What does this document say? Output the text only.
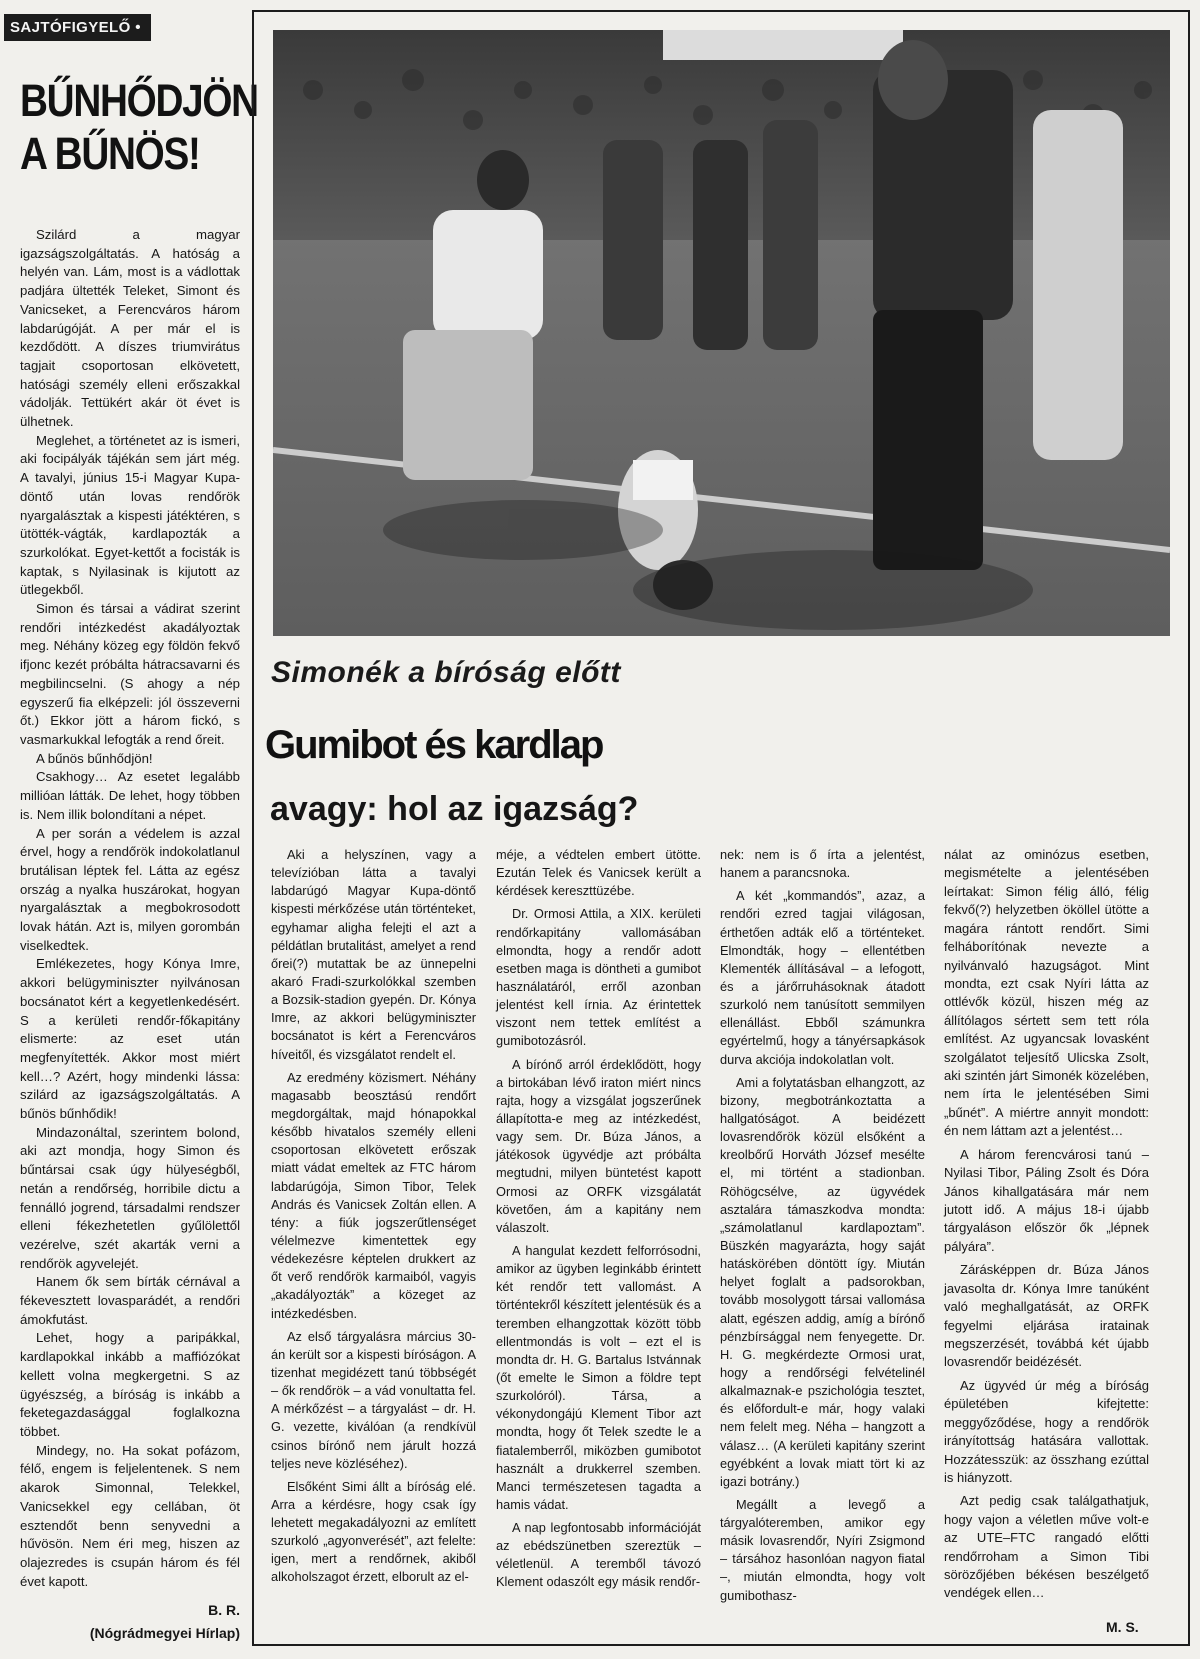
SAJTÓFIGYELŐ •
BŰNHŐDJÖN
A BŰNÖS!

Szilárd a magyar igazságszolgáltatás. A hatóság a helyén van. Lám, most is a vádlottak padjára ültették Teleket, Simont és Vanicseket, a Ferencváros három labdarúgóját. A per már el is kezdődött. A díszes triumvirátus tagjait csoportosan elkövetett, hatósági személy elleni erőszakkal vádolják. Tettükért akár öt évet is ülhetnek.

Meglehet, a történetet az is ismeri, aki focipályák tájékán sem járt még. A tavalyi, június 15-i Magyar Kupa-döntő után lovas rendőrök nyargalásztak a kispesti játéktéren, s ütötték-vágták, kardlapozták a szurkolókat. Egyet-kettőt a focisták is kaptak, s Nyilasinak is kijutott az ütlegekből.

Simon és társai a vádirat szerint rendőri intézkedést akadályoztak meg. Néhány közeg egy földön fekvő ifjonc kezét próbálta hátracsavarni és megbilincselni. (S ahogy a nép egyszerű fia elképzeli: jól összeverni őt.) Ekkor jött a három fickó, s vasmarkukkal lefogták a rend őreit.

A bűnös bűnhődjön!

Csakhogy… Az esetet legalább millióan látták. De lehet, hogy többen is. Nem illik bolondítani a népet.

A per során a védelem is azzal érvel, hogy a rendőrök indokolatlanul brutálisan léptek fel. Látta az egész ország a nyalka huszárokat, hogyan nyargalásztak a megbokrosodott lovak hátán. Azt is, milyen gorombán viselkedtek.

Emlékezetes, hogy Kónya Imre, akkori belügyminiszter nyilvánosan bocsánatot kért a kegyetlenkedésért. S a kerületi rendőr-főkapitány elismerte: az eset után megfenyítették. Akkor most miért kell…? Azért, hogy mindenki lássa: szilárd az igazságszolgáltatás. A bűnös bűnhődik!

Mindazonáltal, szerintem bolond, aki azt mondja, hogy Simon és bűntársai csak úgy hülyeségből, netán a rendőrség, horribile dictu a fennálló jogrend, társadalmi rendszer elleni fékezhetetlen gyűlölettől vezérelve, szét akarták verni a rendőrök agyvelejét.

Hanem ők sem bírták cérnával a fékevesztett lovasparádét, a rendőri ámokfutást.

Lehet, hogy a paripákkal, kardlapokkal inkább a maffiózókat kellett volna megkergetni. S az ügyészség, a bíróság is inkább a feketegazdasággal foglalkozna többet.

Mindegy, no. Ha sokat pofázom, félő, engem is feljelentenek. S nem akarok Simonnal, Telekkel, Vanicsekkel egy cellában, öt esztendőt benn senyvedni a hűvösön. Nem éri meg, hiszen az olajezredes is csupán három és fél évet kapott.

B. R.
(Nógrádmegyei Hírlap)
Simonék a bíróság előtt
Gumibot és kardlap
avagy: hol az igazság?

Aki a helyszínen, vagy a televízióban látta a tavalyi labdarúgó Magyar Kupa-döntő kispesti mérkőzése után történteket, egyhamar aligha felejti el azt a példátlan brutalitást, amelyet a rend őrei(?) mutattak be az ünnepelni akaró Fradi-szurkolókkal szemben a Bozsik-stadion gyepén. Dr. Kónya Imre, az akkori belügyminiszter bocsánatot is kért a Ferencváros híveitől, és vizsgálatot rendelt el.

Az eredmény közismert. Néhány magasabb beosztású rendőrt megdorgáltak, majd hónapokkal később hivatalos személy elleni csoportosan elkövetett erőszak miatt vádat emeltek az FTC három labdarúgója, Simon Tibor, Telek András és Vanicsek Zoltán ellen. A tény: a fiúk jogszerűtlenséget vélelmezve kimentettek egy védekezésre képtelen drukkert az őt verő rendőrök karmaiból, vagyis „akadályozták” a közeget az intézkedésben.

Az első tárgyalásra március 30-án került sor a kispesti bíróságon. A tizenhat megidézett tanú többségét – ők rendőrök – a vád vonultatta fel. A mérkőzést – a tárgyalást – dr. H. G. vezette, kiválóan (a rendkívül csinos bírónő nem járult hozzá teljes neve közléséhez).

Elsőként Simi állt a bíróság elé. Arra a kérdésre, hogy csak így lehetett megakadályozni az említett szurkoló „agyonverését”, azt felelte: igen, mert a rendőrnek, akiből alkoholszagot érzett, elborult az el-

méje, a védtelen embert ütötte. Ezután Telek és Vanicsek került a kérdések kereszttüzébe.

Dr. Ormosi Attila, a XIX. kerületi rendőrkapitány vallomásában elmondta, hogy a rendőr adott esetben maga is döntheti a gumibot használatáról, erről azonban jelentést kell írnia. Az érintettek viszont nem tettek említést a gumibotozásról.

A bírónő arról érdeklődött, hogy a birtokában lévő iraton miért nincs rajta, hogy a vizsgálat jogszerűnek állapította-e meg az intézkedést, vagy sem. Dr. Búza János, a játékosok ügyvédje azt próbálta megtudni, milyen büntetést kapott Ormosi az ORFK vizsgálatát követően, ám a kapitány nem válaszolt.

A hangulat kezdett felforrósodni, amikor az ügyben leginkább érintett két rendőr tett vallomást. A történtekről készített jelentésük és a teremben elhangzottak között több ellentmondás is volt – ezt el is mondta dr. H. G. Bartalus Istvánnak (őt emelte le Simon a földre tept szurkolóról). Társa, a vékonydongájú Klement Tibor azt mondta, hogy őt Telek szedte le a fiatalemberről, miközben gumibotot használt a drukkerrel szemben. Manci természetesen tagadta a hamis vádat.

A nap legfontosabb információját az ebédszünetben szereztük – véletlenül. A teremből távozó Klement odaszólt egy másik rendőr-

nek: nem is ő írta a jelentést, hanem a parancsnoka.

A két „kommandós”, azaz, a rendőri ezred tagjai világosan, érthetően adták elő a történteket. Elmondták, hogy – ellentétben Klementék állításával – a lefogott, és a járőrruhásoknak átadott szurkoló nem tanúsított semmilyen ellenállást. Ebből számunkra egyértelmű, hogy a tányérsapkások durva akciója indokolatlan volt.

Ami a folytatásban elhangzott, az bizony, megbotránkoztatta a hallgatóságot. A beidézett lovasrendőrök közül elsőként a kreolbőrű Horváth József mesélte el, mi történt a stadionban. Röhögcsélve, az ügyvédek asztalára támaszkodva mondta: „számolatlanul kardlapoztam”. Büszkén magyarázta, hogy saját hatáskörében döntött így. Miután helyet foglalt a padsorokban, tovább mosolygott társai vallomása alatt, egészen addig, amíg a bírónő pénzbírsággal nem fenyegette. Dr. H. G. megkérdezte Ormosi urat, hogy a rendőrségi felvételinél alkalmaznak-e pszichológia tesztet, és előfordult-e már, hogy valaki nem felelt meg. Néha – hangzott a válasz… (A kerületi kapitány szerint egyébként a lovak miatt tört ki az igazi botrány.)

Megállt a levegő a tárgyalóteremben, amikor egy másik lovasrendőr, Nyíri Zsigmond – társához hasonlóan nagyon fiatal –, miután elmondta, hogy volt gumibothasz-

nálat az ominózus esetben, megismételte a jelentésében leírtakat: Simon félig álló, félig fekvő(?) helyzetben ököllel ütötte a magára rántott rendőrt. Simi felháborítónak nevezte a nyilvánvaló hazugságot. Mint mondta, ezt csak Nyíri látta az ottlévők közül, hiszen még az állítólagos sértett sem tett róla említést. Az ugyancsak lovasként szolgálatot teljesítő Ulicska Zsolt, aki szintén járt Simonék közelében, nem írta le jelentésében Simi „bűnét”. A miértre annyit mondott: én nem láttam azt a jelentést…

A három ferencvárosi tanú – Nyilasi Tibor, Páling Zsolt és Dóra János kihallgatására már nem jutott idő. A május 18-i újabb tárgyaláson először ők „lépnek pályára”.

Zárásképpen dr. Búza János javasolta dr. Kónya Imre tanúként való meghallgatását, az ORFK fegyelmi eljárása iratainak megszerzését, továbbá két újabb lovasrendőr beidézését.

Az ügyvéd úr még a bíróság épületében kifejtette: meggyőződése, hogy a rendőrök irányítottság hatására vallottak. Hozzátesszük: az összhang ezúttal is hiányzott.

Azt pedig csak találgathatjuk, hogy vajon a véletlen műve volt-e az UTE–FTC rangadó előtti rendőrroham a Simon Tibi sörözőjében békésen beszélgető vendégek ellen…

M. S.
